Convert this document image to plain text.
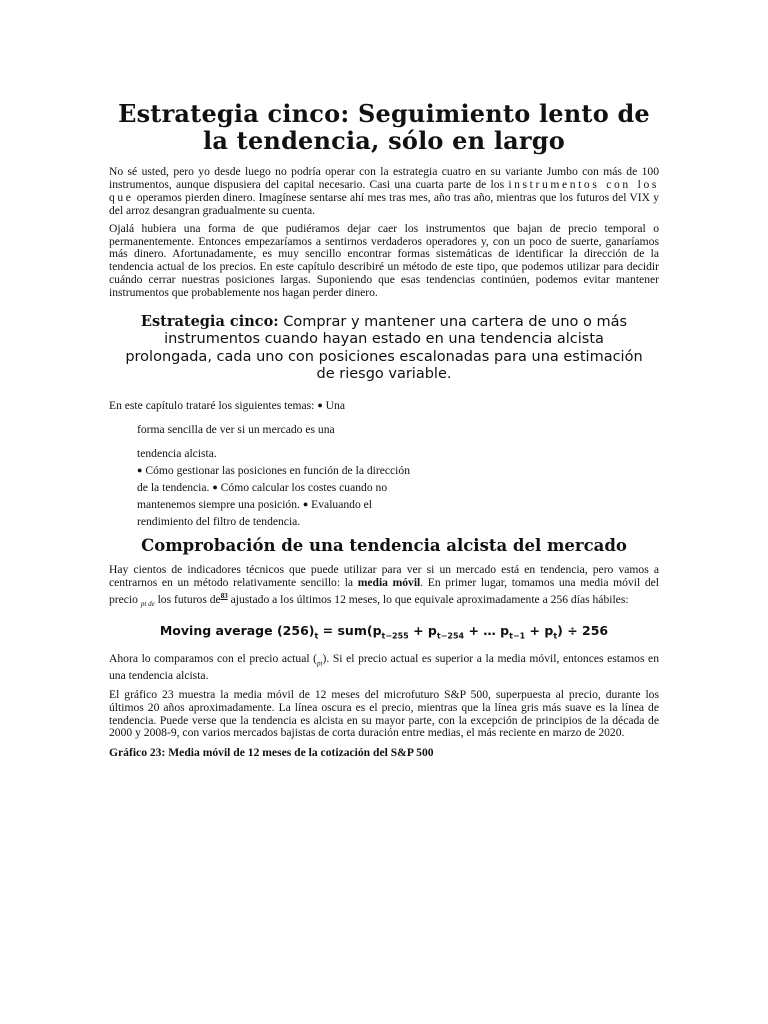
Estrategia cinco: Seguimiento lento de la tendencia, sólo en largo

No sé usted, pero yo desde luego no podría operar con la estrategia cuatro en su variante Jumbo con más de 100 instrumentos, aunque dispusiera del capital necesario. Casi una cuarta parte de los instrumentos con los que operamos pierden dinero. Imagínese sentarse ahí mes tras mes, año tras año, mientras que los futuros del VIX y del arroz desangran gradualmente su cuenta.

Ojalá hubiera una forma de que pudiéramos dejar caer los instrumentos que bajan de precio temporal o permanentemente. Entonces empezaríamos a sentirnos verdaderos operadores y, con un poco de suerte, ganaríamos más dinero. Afortunadamente, es muy sencillo encontrar formas sistemáticas de identificar la dirección de la tendencia actual de los precios. En este capítulo describiré un método de este tipo, que podemos utilizar para decidir cuándo cerrar nuestras posiciones largas. Suponiendo que esas tendencias continúen, podemos evitar mantener instrumentos que probablemente nos hagan perder dinero.

Estrategia cinco: Comprar y mantener una cartera de uno o más instrumentos cuando hayan estado en una tendencia alcista prolongada, cada uno con posiciones escalonadas para una estimación de riesgo variable.
En este capítulo trataré los siguientes temas: ● Una
forma sencilla de ver si un mercado es una
tendencia alcista.
● Cómo gestionar las posiciones en función de la dirección
de la tendencia. ● Cómo calcular los costes cuando no
mantenemos siempre una posición. ● Evaluando el
rendimiento del filtro de tendencia.
Comprobación de una tendencia alcista del mercado

Hay cientos de indicadores técnicos que puede utilizar para ver si un mercado está en tendencia, pero vamos a centrarnos en un método relativamente sencillo: la media móvil. En primer lugar, tomamos una media móvil del precio $_{pt de}$ los futuros $de^{83}$ ajustado a los últimos 12 meses, lo que equivale aproximadamente a 256 días hábiles:

Moving average $(256)_t = sum(p_{t-255} + p_{t-254}$ + … $p_{t-1} + p_t) \div 256$

Ahora lo comparamos con el precio actual $(_{pt})$. Si el precio actual es superior a la media móvil, entonces estamos en una tendencia alcista.

El gráfico 23 muestra la media móvil de 12 meses del microfuturo S&P 500, superpuesta al precio, durante los últimos 20 años aproximadamente. La línea oscura es el precio, mientras que la línea gris más suave es la línea de tendencia. Puede verse que la tendencia es alcista en su mayor parte, con la excepción de principios de la década de 2000 y 2008-9, con varios mercados bajistas de corta duración entre medias, el más reciente en marzo de 2020.

Gráfico 23: Media móvil de 12 meses de la cotización del S&P 500
